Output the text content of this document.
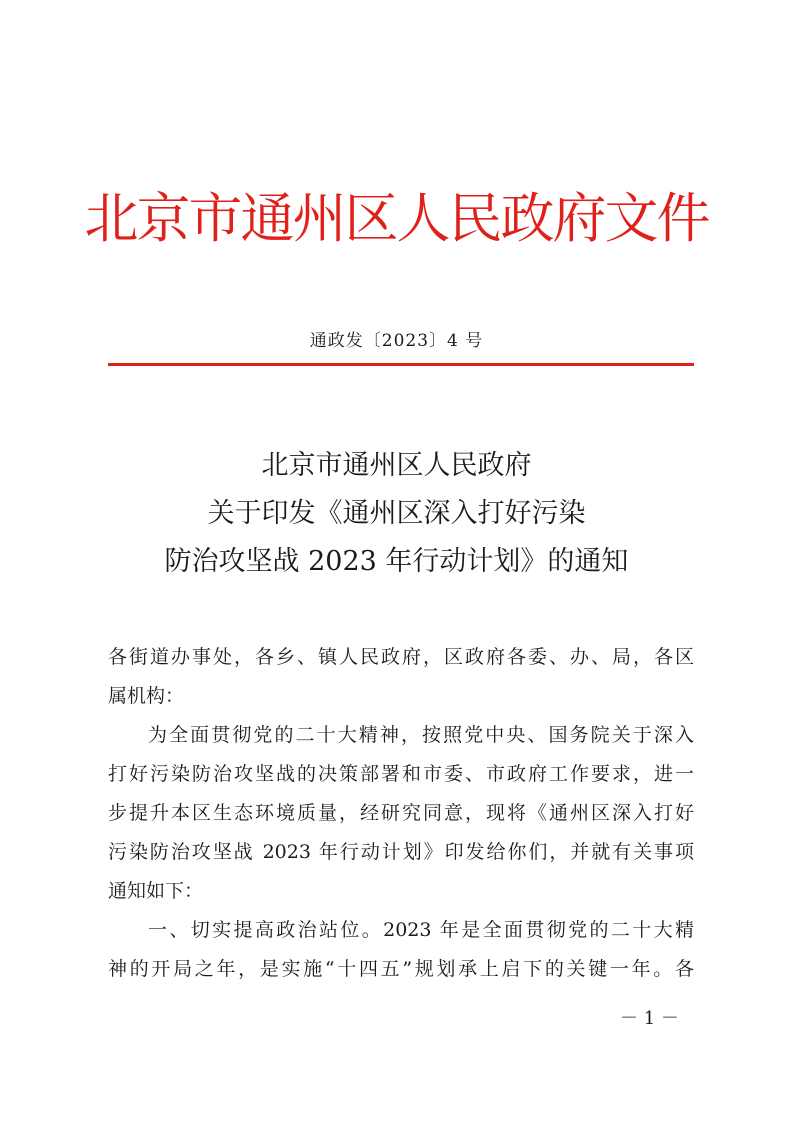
北京市通州区人民政府文件
通政发〔2023〕4 号
北京市通州区人民政府
关于印发《通州区深入打好污染
防治攻坚战 2023 年行动计划》的通知
各街道办事处，各乡、镇人民政府，区政府各委、办、局，各区
属机构：
为全面贯彻党的二十大精神，按照党中央、国务院关于深入
打好污染防治攻坚战的决策部署和市委、市政府工作要求，进一
步提升本区生态环境质量，经研究同意，现将《通州区深入打好
污染防治攻坚战 2023 年行动计划》印发给你们，并就有关事项
通知如下：
一、切实提高政治站位。2023 年是全面贯彻党的二十大精
神的开局之年，是实施“十四五”规划承上启下的关键一年。各
－ 1 －
